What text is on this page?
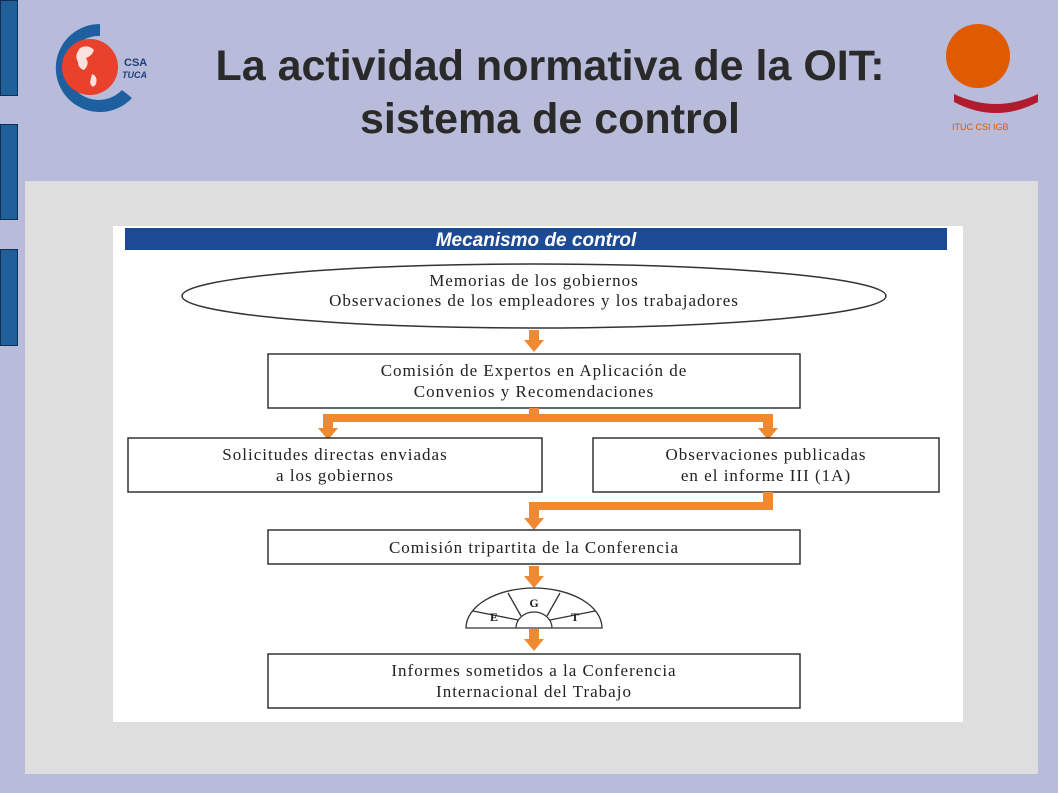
CSA
TUCA
ITUC CSI IGB
La actividad normativa de la OIT:
sistema de control
Mecanismo de control
Memorias de los gobiernos
Observaciones de los empleadores y los trabajadores
Comisión de Expertos en Aplicación de
Convenios y Recomendaciones
Solicitudes directas enviadas
a los gobiernos
Observaciones publicadas
en el informe III (1A)
Comisión tripartita de la Conferencia
G
E	T
Informes sometidos a la Conferencia
Internacional del Trabajo
